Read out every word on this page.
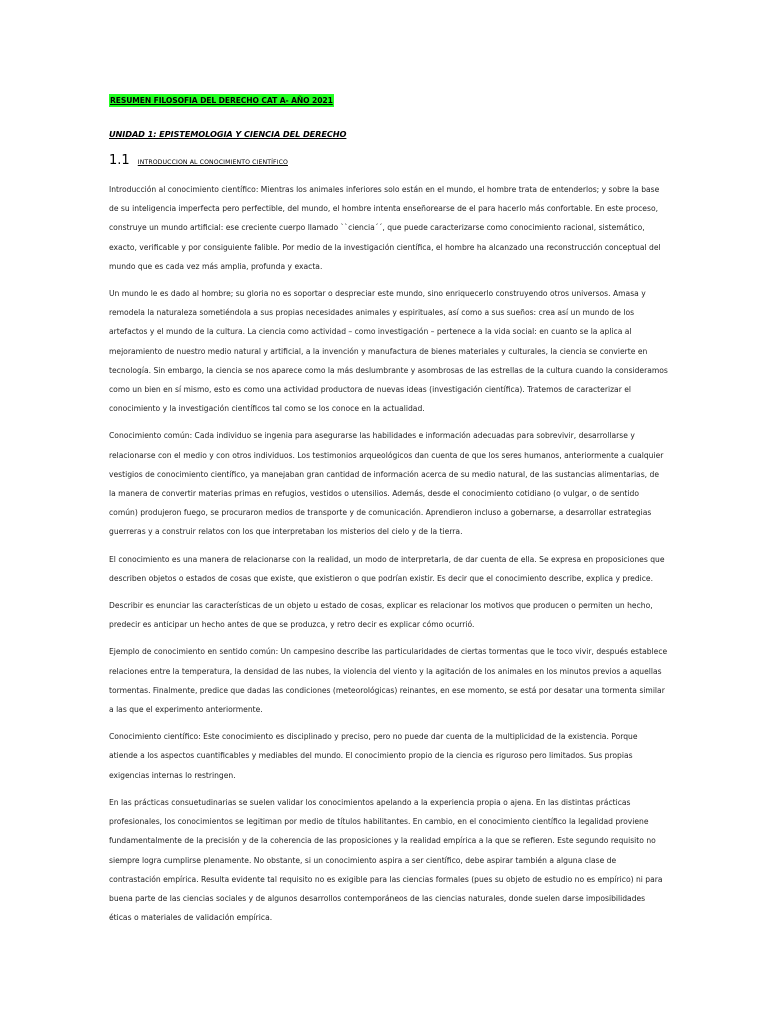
RESUMEN FILOSOFIA DEL DERECHO CAT A- AÑO 2021
UNIDAD 1: EPISTEMOLOGIA Y CIENCIA DEL DERECHO
1.1 INTRODUCCION AL CONOCIMIENTO CIENTÍFICO

Introducción al conocimiento científico: Mientras los animales inferiores solo están en el mundo, el hombre trata de entenderlos; y sobre la base de su inteligencia imperfecta pero perfectible, del mundo, el hombre intenta enseñorearse de el para hacerlo más confortable. En este proceso, construye un mundo artificial: ese creciente cuerpo llamado ``ciencia´´, que puede caracterizarse como conocimiento racional, sistemático, exacto, verificable y por consiguiente falible. Por medio de la investigación científica, el hombre ha alcanzado una reconstrucción conceptual del mundo que es cada vez más amplia, profunda y exacta.

Un mundo le es dado al hombre; su gloria no es soportar o despreciar este mundo, sino enriquecerlo construyendo otros universos. Amasa y remodela la naturaleza sometiéndola a sus propias necesidades animales y espirituales, así como a sus sueños: crea así un mundo de los artefactos y el mundo de la cultura. La ciencia como actividad – como investigación – pertenece a la vida social: en cuanto se la aplica al mejoramiento de nuestro medio natural y artificial, a la invención y manufactura de bienes materiales y culturales, la ciencia se convierte en tecnología. Sin embargo, la ciencia se nos aparece como la más deslumbrante y asombrosas de las estrellas de la cultura cuando la consideramos como un bien en sí mismo, esto es como una actividad productora de nuevas ideas (investigación científica). Tratemos de caracterizar el conocimiento y la investigación científicos tal como se los conoce en la actualidad.

Conocimiento común: Cada individuo se ingenia para asegurarse las habilidades e información adecuadas para sobrevivir, desarrollarse y relacionarse con el medio y con otros individuos. Los testimonios arqueológicos dan cuenta de que los seres humanos, anteriormente a cualquier vestigios de conocimiento científico, ya manejaban gran cantidad de información acerca de su medio natural, de las sustancias alimentarias, de la manera de convertir materias primas en refugios, vestidos o utensilios. Además, desde el conocimiento cotidiano (o vulgar, o de sentido común) produjeron fuego, se procuraron medios de transporte y de comunicación. Aprendieron incluso a gobernarse, a desarrollar estrategias guerreras y a construir relatos con los que interpretaban los misterios del cielo y de la tierra.

El conocimiento es una manera de relacionarse con la realidad, un modo de interpretarla, de dar cuenta de ella. Se expresa en proposiciones que describen objetos o estados de cosas que existe, que existieron o que podrían existir. Es decir que el conocimiento describe, explica y predice.

Describir es enunciar las características de un objeto u estado de cosas, explicar es relacionar los motivos que producen o permiten un hecho, predecir es anticipar un hecho antes de que se produzca, y retro decir es explicar cómo ocurrió.

Ejemplo de conocimiento en sentido común: Un campesino describe las particularidades de ciertas tormentas que le toco vivir, después establece relaciones entre la temperatura, la densidad de las nubes, la violencia del viento y la agitación de los animales en los minutos previos a aquellas tormentas. Finalmente, predice que dadas las condiciones (meteorológicas) reinantes, en ese momento, se está por desatar una tormenta similar a las que el experimento anteriormente.

Conocimiento científico: Este conocimiento es disciplinado y preciso, pero no puede dar cuenta de la multiplicidad de la existencia. Porque atiende a los aspectos cuantificables y mediables del mundo. El conocimiento propio de la ciencia es riguroso pero limitados. Sus propias exigencias internas lo restringen.

En las prácticas consuetudinarias se suelen validar los conocimientos apelando a la experiencia propia o ajena. En las distintas prácticas profesionales, los conocimientos se legitiman por medio de títulos habilitantes. En cambio, en el conocimiento científico la legalidad proviene fundamentalmente de la precisión y de la coherencia de las proposiciones y la realidad empírica a la que se refieren. Este segundo requisito no siempre logra cumplirse plenamente. No obstante, si un conocimiento aspira a ser científico, debe aspirar también a alguna clase de contrastación empírica. Resulta evidente tal requisito no es exigible para las ciencias formales (pues su objeto de estudio no es empírico) ni para buena parte de las ciencias sociales y de algunos desarrollos contemporáneos de las ciencias naturales, donde suelen darse imposibilidades éticas o materiales de validación empírica.
